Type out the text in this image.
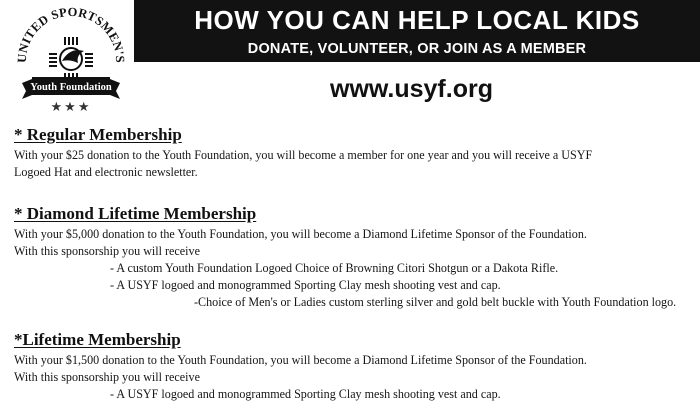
UNITED SPORTSMEN'S
Youth Foundation
★★★
HOW YOU CAN HELP LOCAL KIDS
DONATE, VOLUNTEER, OR JOIN AS A MEMBER
www.usyf.org
* Regular Membership
With your $25 donation to the Youth Foundation, you will become a member for one year and you will receive a USYF
Logoed Hat and electronic newsletter.
* Diamond Lifetime Membership
With your $5,000 donation to the Youth Foundation, you will become a Diamond Lifetime Sponsor of the Foundation.
With this sponsorship you will receive
- A custom Youth Foundation Logoed Choice of Browning Citori Shotgun or a Dakota Rifle.
- A USYF logoed and monogrammed Sporting Clay mesh shooting vest and cap.
-Choice of Men's or Ladies custom sterling silver and gold belt buckle with Youth Foundation logo.
*Lifetime Membership
With your $1,500 donation to the Youth Foundation, you will become a Diamond Lifetime Sponsor of the Foundation.
With this sponsorship you will receive
- A USYF logoed and monogrammed Sporting Clay mesh shooting vest and cap.
